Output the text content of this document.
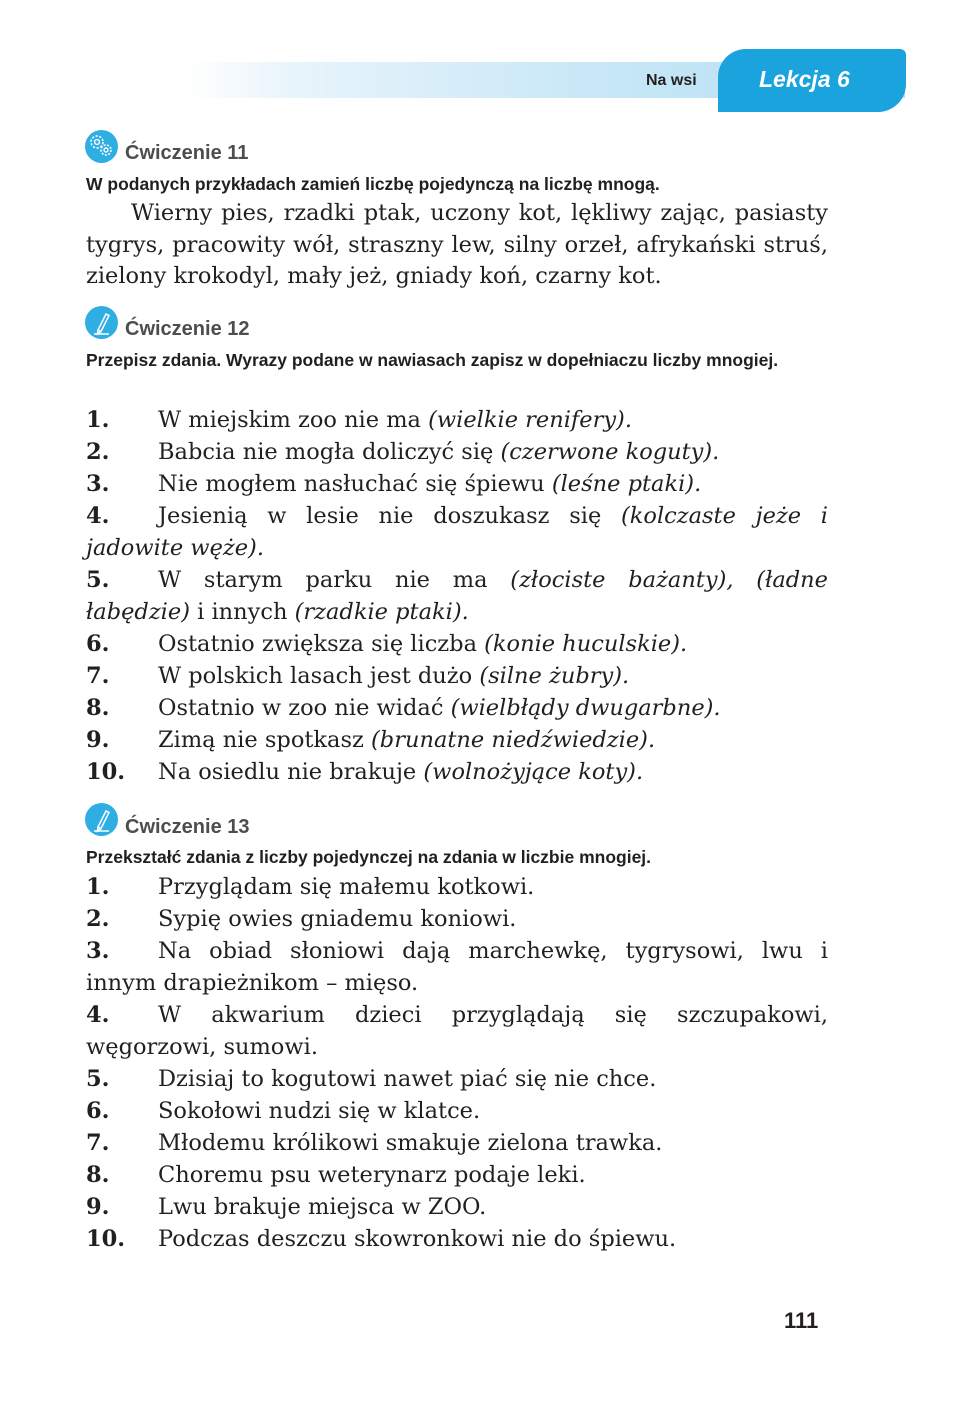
Na wsi	Lekcja 6
Ćwiczenie 11
W podanych przykładach zamień liczbę pojedynczą na liczbę mnogą.
Wierny pies, rzadki ptak, uczony kot, lękliwy zając, pasiasty tygrys, pracowity wół, straszny lew, silny orzeł, afrykański struś, zielony krokodyl, mały jeż, gniady koń, czarny kot.
Ćwiczenie 12
Przepisz zdania. Wyrazy podane w nawiasach zapisz w dopełniaczu liczby mnogiej.
1. W miejskim zoo nie ma (wielkie renifery).
2. Babcia nie mogła doliczyć się (czerwone koguty).
3. Nie mogłem nasłuchać się śpiewu (leśne ptaki).
4. Jesienią w lesie nie doszukasz się (kolczaste jeże i jadowite węże).
5. W starym parku nie ma (złociste bażanty), (ładne łabędzie) i innych (rzadkie ptaki).
6. Ostatnio zwiększa się liczba (konie huculskie).
7. W polskich lasach jest dużo (silne żubry).
8. Ostatnio w zoo nie widać (wielbłądy dwugarbne).
9. Zimą nie spotkasz (brunatne niedźwiedzie).
10. Na osiedlu nie brakuje (wolnożyjące koty).
Ćwiczenie 13
Przekształć zdania z liczby pojedynczej na zdania w liczbie mnogiej.
1. Przyglądam się małemu kotkowi.
2. Sypię owies gniademu koniowi.
3. Na obiad słoniowi dają marchewkę, tygrysowi, lwu i innym drapieżnikom – mięso.
4. W akwarium dzieci przyglądają się szczupakowi, węgorzowi, sumowi.
5. Dzisiaj to kogutowi nawet piać się nie chce.
6. Sokołowi nudzi się w klatce.
7. Młodemu królikowi smakuje zielona trawka.
8. Choremu psu weterynarz podaje leki.
9. Lwu brakuje miejsca w ZOO.
10. Podczas deszczu skowronkowi nie do śpiewu.
111
